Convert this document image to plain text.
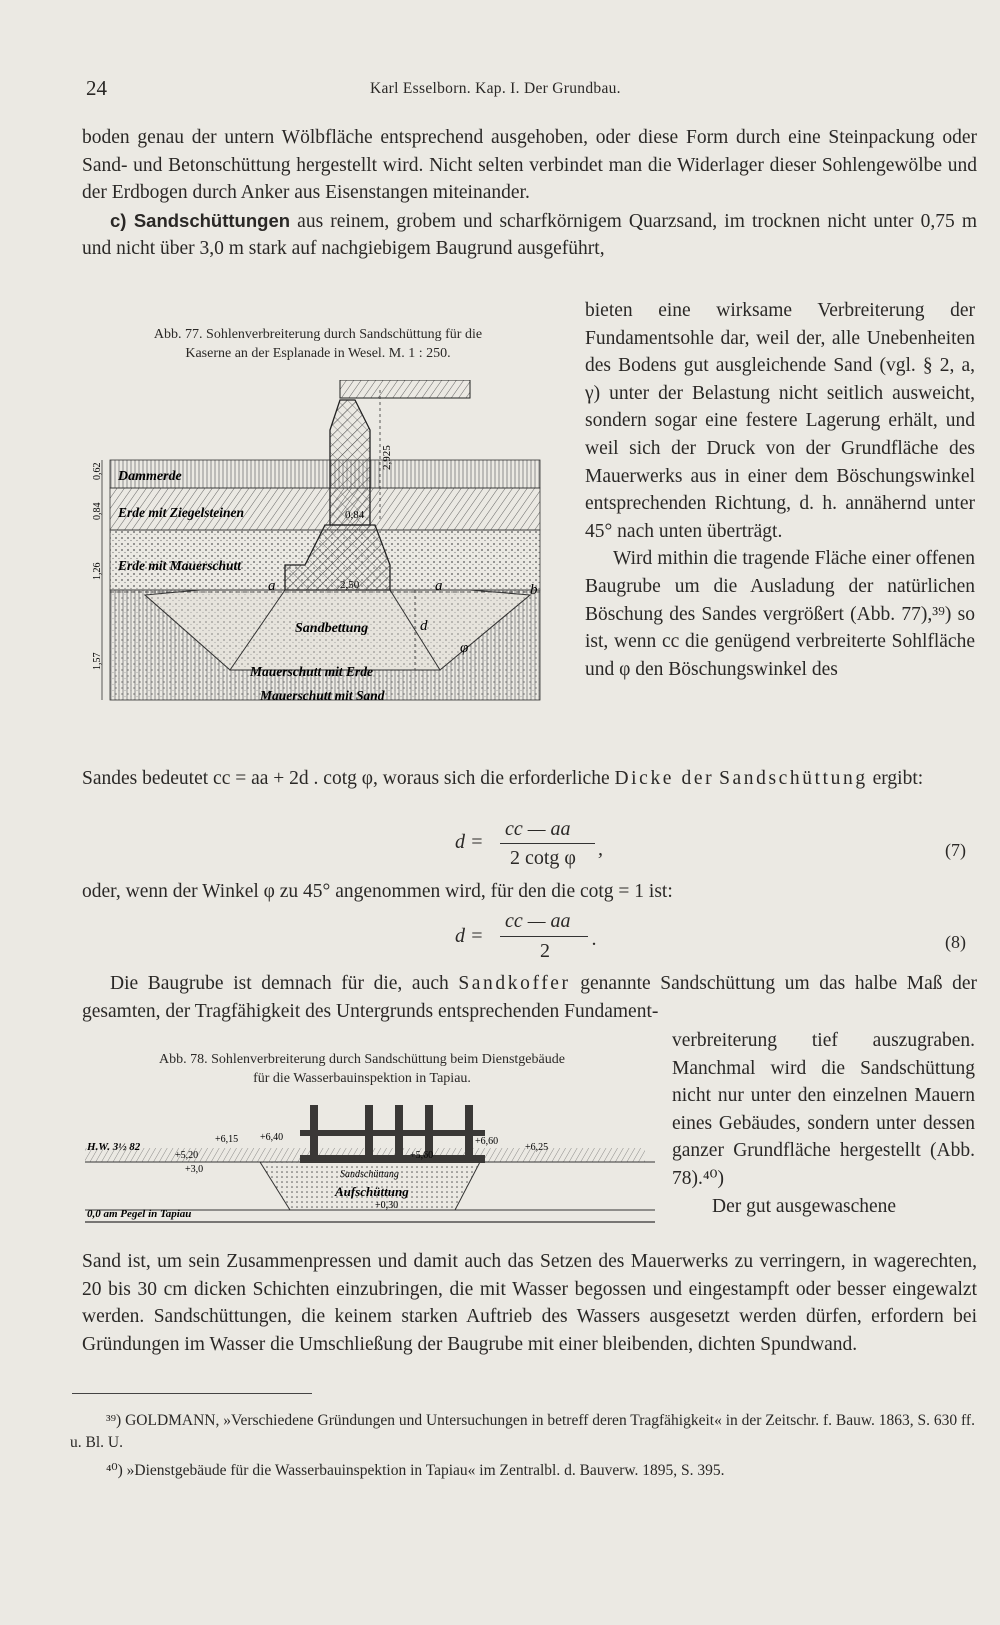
24	Karl Esselborn. Kap. I. Der Grundbau.

boden genau der untern Wölbfläche entsprechend ausgehoben, oder diese Form durch eine Steinpackung oder Sand- und Betonschüttung hergestellt wird. Nicht selten verbindet man die Widerlager dieser Sohlengewölbe und der Erdbogen durch Anker aus Eisenstangen miteinander.

c) Sandschüttungen aus reinem, grobem und scharfkörnigem Quarzsand, im trocknen nicht unter 0,75 m und nicht über 3,0 m stark auf nachgiebigem Baugrund ausgeführt,

Abb. 77. Sohlenverbreiterung durch Sandschüttung für die
Kaserne an der Esplanade in Wesel. M. 1 : 250.
Dammerde
Erde mit Ziegelsteinen
Erde mit Mauerschutt
Sandbettung
Mauerschutt mit Erde
Mauerschutt mit Sand
a	a	b
d
φ
2,925
0,84
2,50
0,62
0,84
1,26
1,57
bieten eine wirksame Verbreiterung der Fundamentsohle dar, weil der, alle Unebenheiten des Bodens gut ausgleichende Sand (vgl. § 2, a, γ) unter der Belastung nicht seitlich ausweicht, sondern sogar eine festere Lagerung erhält, und weil sich der Druck von der Grundfläche des Mauerwerks aus in einer dem Böschungswinkel entsprechenden Richtung, d. h. annähernd unter 45° nach unten überträgt.
Wird mithin die tragende Fläche einer offenen Baugrube um die Ausladung der natürlichen Böschung des Sandes vergrößert (Abb. 77),³⁹) so ist, wenn cc die genügend verbreiterte Sohlfläche und φ den Böschungswinkel des

Sandes bedeutet cc = aa + 2d . cotg φ, woraus sich die erforderliche Dicke der Sandschüttung ergibt:

d =
cc — aa
2 cotg φ ,	(7)

oder, wenn der Winkel φ zu 45° angenommen wird, für den die cotg = 1 ist:

d =
cc — aa
2
.	(8)

Die Baugrube ist demnach für die, auch Sandkoffer genannte Sandschüttung um das halbe Maß der gesamten, der Tragfähigkeit des Untergrunds entsprechenden Fundament-

Abb. 78. Sohlenverbreiterung durch Sandschüttung beim Dienstgebäude
für die Wasserbauinspektion in Tapiau.
H.W. 3½ 82
+6,15 +6,40
+5,20
+3,0
+5,60
+6,60
+6,25
Sandschüttung
Aufschüttung
+0,30
0,0 am Pegel in Tapiau
verbreiterung tief auszugraben. Manchmal wird die Sandschüttung nicht nur unter den einzelnen Mauern eines Gebäudes, sondern unter dessen ganzer Grundfläche hergestellt (Abb. 78).⁴⁰)
Der gut ausgewaschene

Sand ist, um sein Zusammenpressen und damit auch das Setzen des Mauerwerks zu verringern, in wagerechten, 20 bis 30 cm dicken Schichten einzubringen, die mit Wasser begossen und eingestampft oder besser eingewalzt werden. Sandschüttungen, die keinem starken Auftrieb des Wassers ausgesetzt werden dürfen, erfordern bei Gründungen im Wasser die Umschließung der Baugrube mit einer bleibenden, dichten Spundwand.

³⁹) GOLDMANN, »Verschiedene Gründungen und Untersuchungen in betreff deren Tragfähigkeit« in der Zeitschr. f. Bauw. 1863, S. 630 ff. u. Bl. U.

⁴⁰) »Dienstgebäude für die Wasserbauinspektion in Tapiau« im Zentralbl. d. Bauverw. 1895, S. 395.
